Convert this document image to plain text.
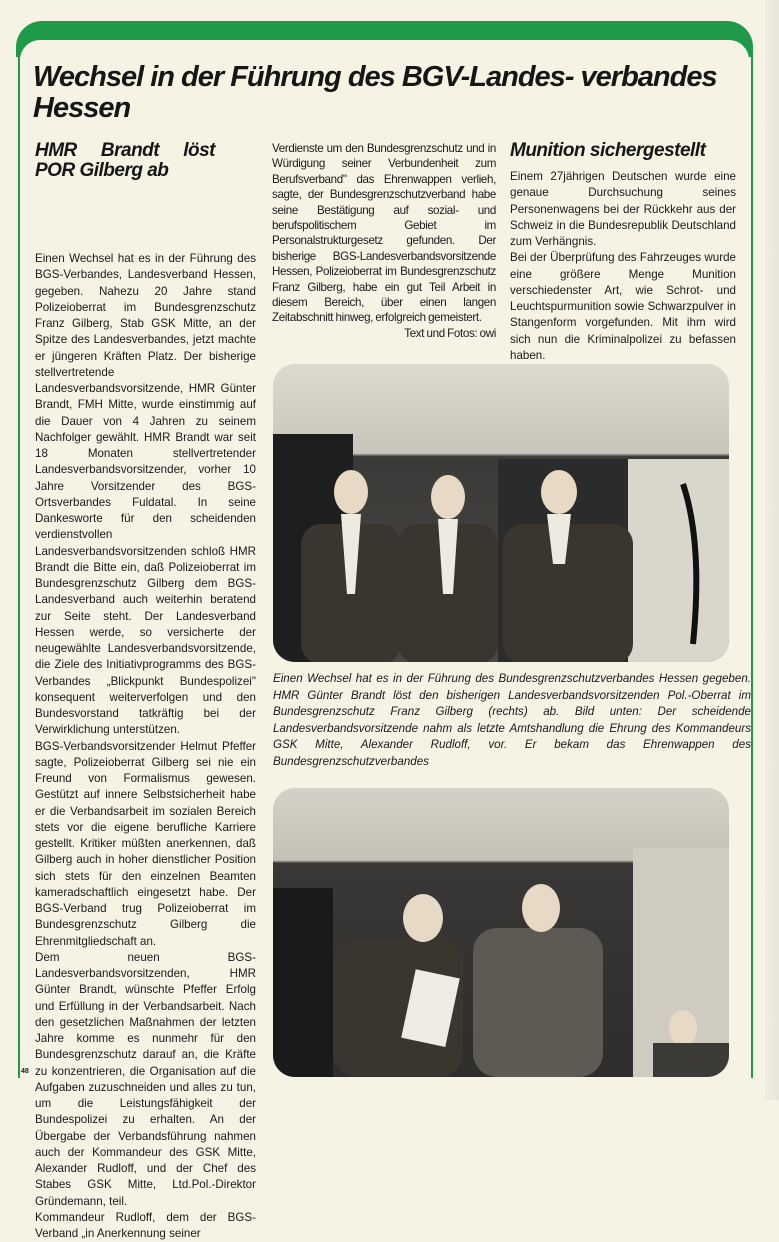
Wechsel in der Führung des BGV-Landes- verbandes Hessen
HMR Brandt löst POR Gilberg ab

Einen Wechsel hat es in der Führung des BGS-Verbandes, Landesverband Hessen, gegeben. Nahezu 20 Jahre stand Polizeioberrat im Bundesgrenzschutz Franz Gilberg, Stab GSK Mitte, an der Spitze des Landesverbandes, jetzt machte er jüngeren Kräften Platz. Der bisherige stellvertretende Landesverbandsvorsitzende, HMR Günter Brandt, FMH Mitte, wurde einstimmig auf die Dauer von 4 Jahren zu seinem Nachfolger gewählt. HMR Brandt war seit 18 Monaten stellvertretender Landesverbandsvorsitzender, vorher 10 Jahre Vorsitzender des BGS-Ortsverbandes Fuldatal. In seine Dankesworte für den scheidenden verdienstvollen Landesverbandsvorsitzenden schloß HMR Brandt die Bitte ein, daß Polizeioberrat im Bundesgrenzschutz Gilberg dem BGS-Landesverband auch weiterhin beratend zur Seite steht. Der Landesverband Hessen werde, so versicherte der neugewählte Landesverbandsvorsitzende, die Ziele des Initiativprogramms des BGS-Verbandes „Blickpunkt Bundespolizei" konsequent weiterverfolgen und den Bundesvorstand tatkräftig bei der Verwirklichung unterstützen.

BGS-Verbandsvorsitzender Helmut Pfeffer sagte, Polizeioberrat Gilberg sei nie ein Freund von Formalismus gewesen. Gestützt auf innere Selbstsicherheit habe er die Verbandsarbeit im sozialen Bereich stets vor die eigene berufliche Karriere gestellt. Kritiker müßten anerkennen, daß Gilberg auch in hoher dienstlicher Position sich stets für den einzelnen Beamten kameradschaftlich eingesetzt habe. Der BGS-Verband trug Polizeioberrat im Bundesgrenzschutz Gilberg die Ehrenmitgliedschaft an.

Dem neuen BGS-Landesverbandsvorsitzenden, HMR Günter Brandt, wünschte Pfeffer Erfolg und Erfüllung in der Verbandsarbeit. Nach den gesetzlichen Maßnahmen der letzten Jahre komme es nunmehr für den Bundesgrenzschutz darauf an, die Kräfte zu konzentrieren, die Organisation auf die Aufgaben zuzuschneiden und alles zu tun, um die Leistungsfähigkeit der Bundespolizei zu erhalten. An der Übergabe der Verbandsführung nahmen auch der Kommandeur des GSK Mitte, Alexander Rudloff, und der Chef des Stabes GSK Mitte, Ltd.Pol.-Direktor Gründemann, teil.

Kommandeur Rudloff, dem der BGS-Verband „in Anerkennung seiner

Verdienste um den Bundesgrenzschutz und in Würdigung seiner Verbundenheit zum Berufsverband" das Ehrenwappen verlieh, sagte, der Bundesgrenzschutzverband habe seine Bestätigung auf sozial- und berufspolitischem Gebiet im Personalstrukturgesetz gefunden. Der bisherige BGS-Landesverbandsvorsitzende Hessen, Polizeioberrat im Bundesgrenzschutz Franz Gilberg, habe ein gut Teil Arbeit in diesem Bereich, über einen langen Zeitabschnitt hinweg, erfolgreich gemeistert.

Text und Fotos: owi

Munition sichergestellt

Einem 27jährigen Deutschen wurde eine genaue Durchsuchung seines Personenwagens bei der Rückkehr aus der Schweiz in die Bundesrepublik Deutschland zum Verhängnis.

Bei der Überprüfung des Fahrzeuges wurde eine größere Menge Munition verschiedenster Art, wie Schrot- und Leuchtspurmunition sowie Schwarzpulver in Stangenform vorgefunden. Mit ihm wird sich nun die Kriminalpolizei zu befassen haben.

Einen Wechsel hat es in der Führung des Bundesgrenzschutzverbandes Hessen gegeben. HMR Günter Brandt löst den bisherigen Landesverbandsvorsitzenden Pol.-Oberrat im Bundesgrenzschutz Franz Gilberg (rechts) ab. Bild unten: Der scheidende Landesverbandsvorsitzende nahm als letzte Amtshandlung die Ehrung des Kommandeurs GSK Mitte, Alexander Rudloff, vor. Er bekam das Ehrenwappen des Bundesgrenzschutzverbandes
48
